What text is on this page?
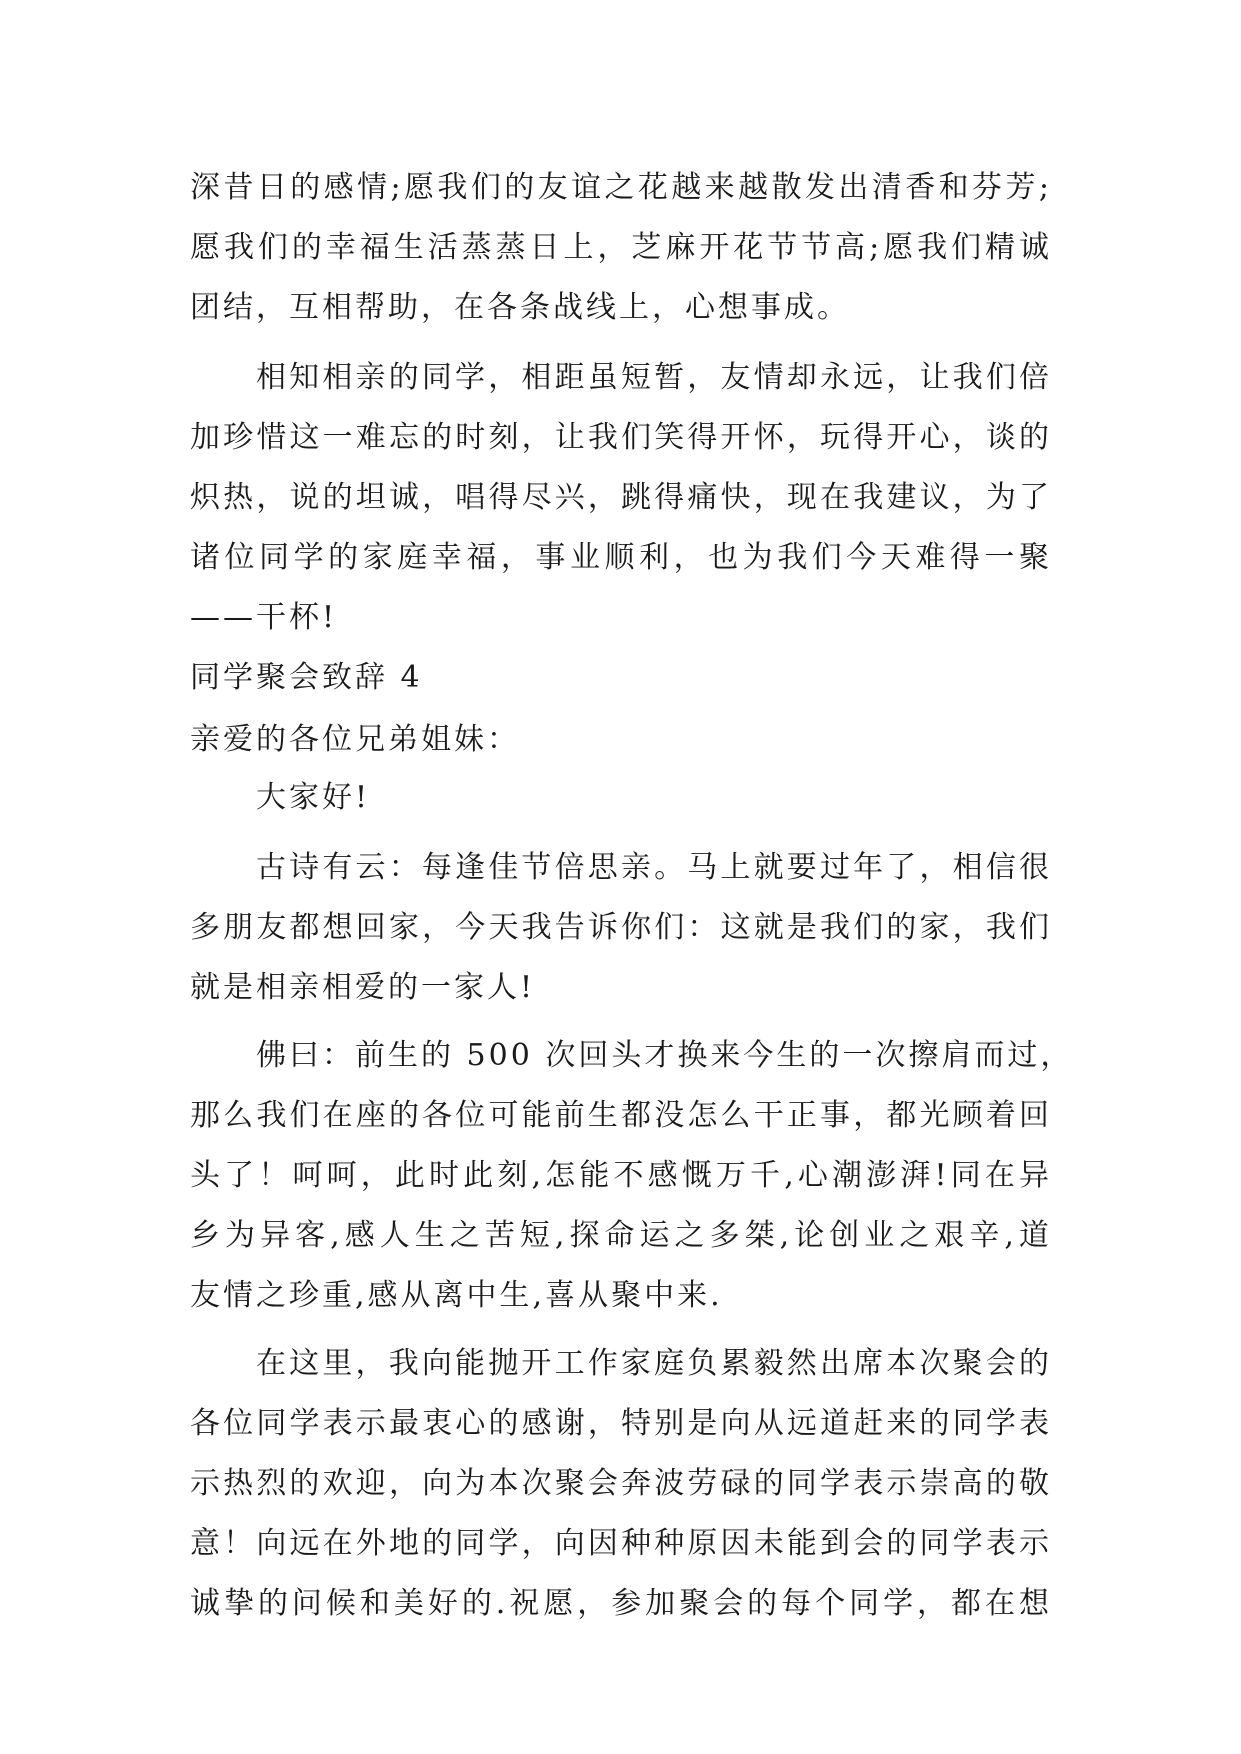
深昔日的感情;愿我们的友谊之花越来越散发出清香和芬芳;
愿我们的幸福生活蒸蒸日上，芝麻开花节节高;愿我们精诚
团结，互相帮助，在各条战线上，心想事成。
相知相亲的同学，相距虽短暂，友情却永远，让我们倍
加珍惜这一难忘的时刻，让我们笑得开怀，玩得开心，谈的
炽热，说的坦诚，唱得尽兴，跳得痛快，现在我建议，为了
诸位同学的家庭幸福，事业顺利，也为我们今天难得一聚
——干杯!
同学聚会致辞 4
亲爱的各位兄弟姐妹：
大家好!
古诗有云：每逢佳节倍思亲。马上就要过年了，相信很
多朋友都想回家，今天我告诉你们：这就是我们的家，我们
就是相亲相爱的一家人!
佛曰：前生的 500 次回头才换来今生的一次擦肩而过，
那么我们在座的各位可能前生都没怎么干正事，都光顾着回
头了！呵呵，此时此刻,怎能不感慨万千,心潮澎湃!同在异
乡为异客,感人生之苦短,探命运之多桀,论创业之艰辛,道
友情之珍重,感从离中生,喜从聚中来.
在这里，我向能抛开工作家庭负累毅然出席本次聚会的
各位同学表示最衷心的感谢，特别是向从远道赶来的同学表
示热烈的欢迎，向为本次聚会奔波劳碌的同学表示崇高的敬
意！向远在外地的同学，向因种种原因未能到会的同学表示
诚挚的问候和美好的.祝愿，参加聚会的每个同学，都在想
